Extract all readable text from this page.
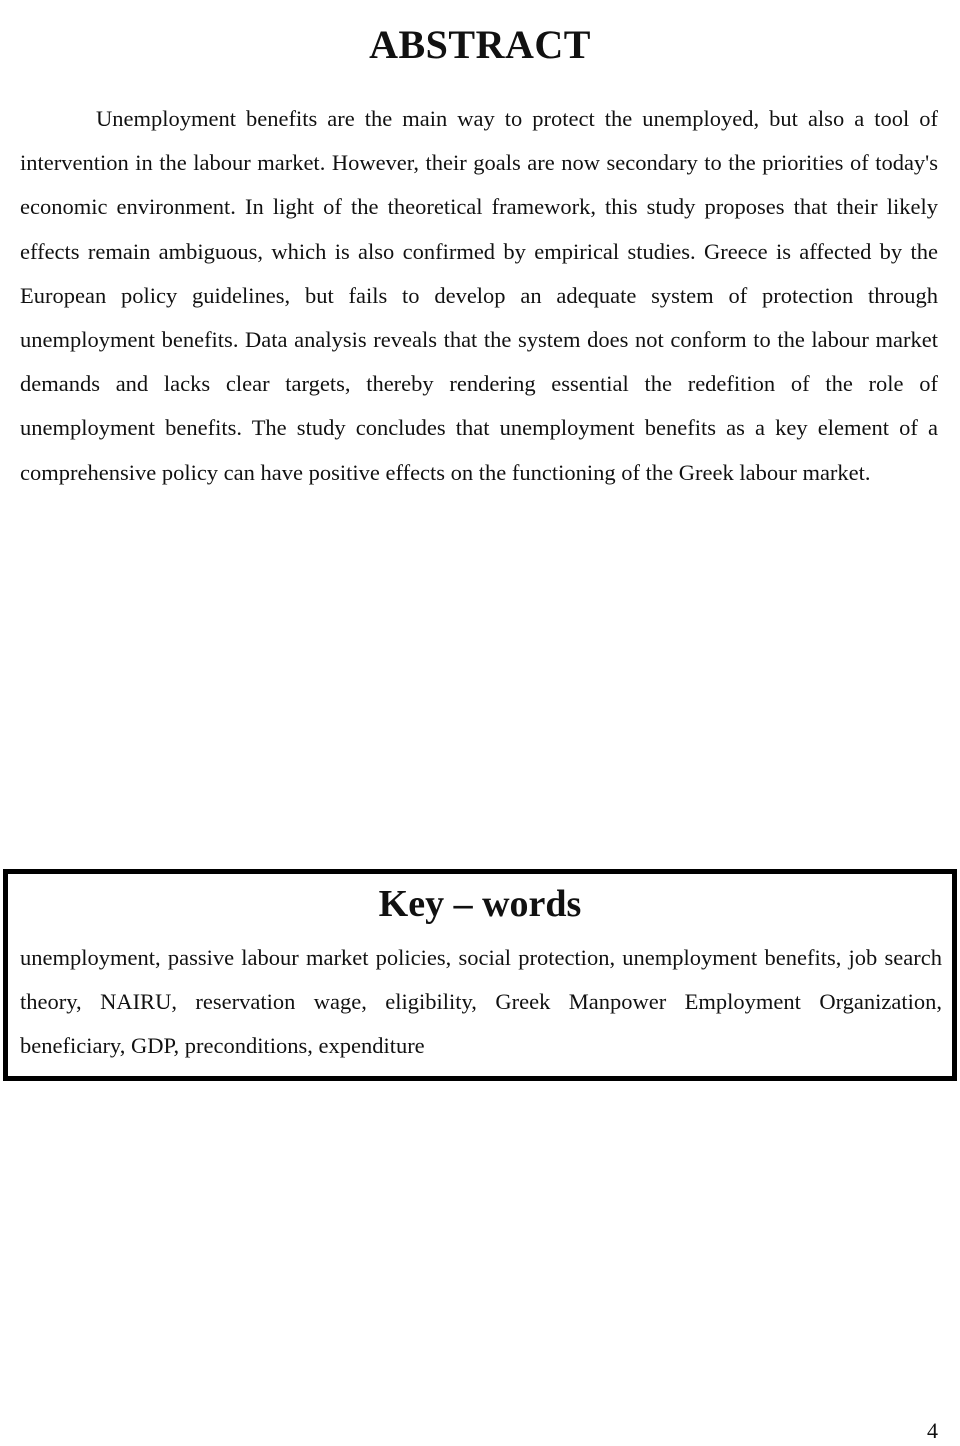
ABSTRACT

Unemployment benefits are the main way to protect the unemployed, but also a tool of intervention in the labour market. However, their goals are now secondary to the priorities of today's economic environment. In light of the theoretical framework, this study proposes that their likely effects remain ambiguous, which is also confirmed by empirical studies. Greece is affected by the European policy guidelines, but fails to develop an adequate system of protection through unemployment benefits. Data analysis reveals that the system does not conform to the labour market demands and lacks clear targets, thereby rendering essential the redefition of the role of unemployment benefits. The study concludes that unemployment benefits as a key element of a comprehensive policy can have positive effects on the functioning of the Greek labour market.

Key – words

unemployment, passive labour market policies, social protection, unemployment benefits, job search theory, NAIRU, reservation wage, eligibility, Greek Manpower Employment Organization, beneficiary, GDP, preconditions, expenditure

4
